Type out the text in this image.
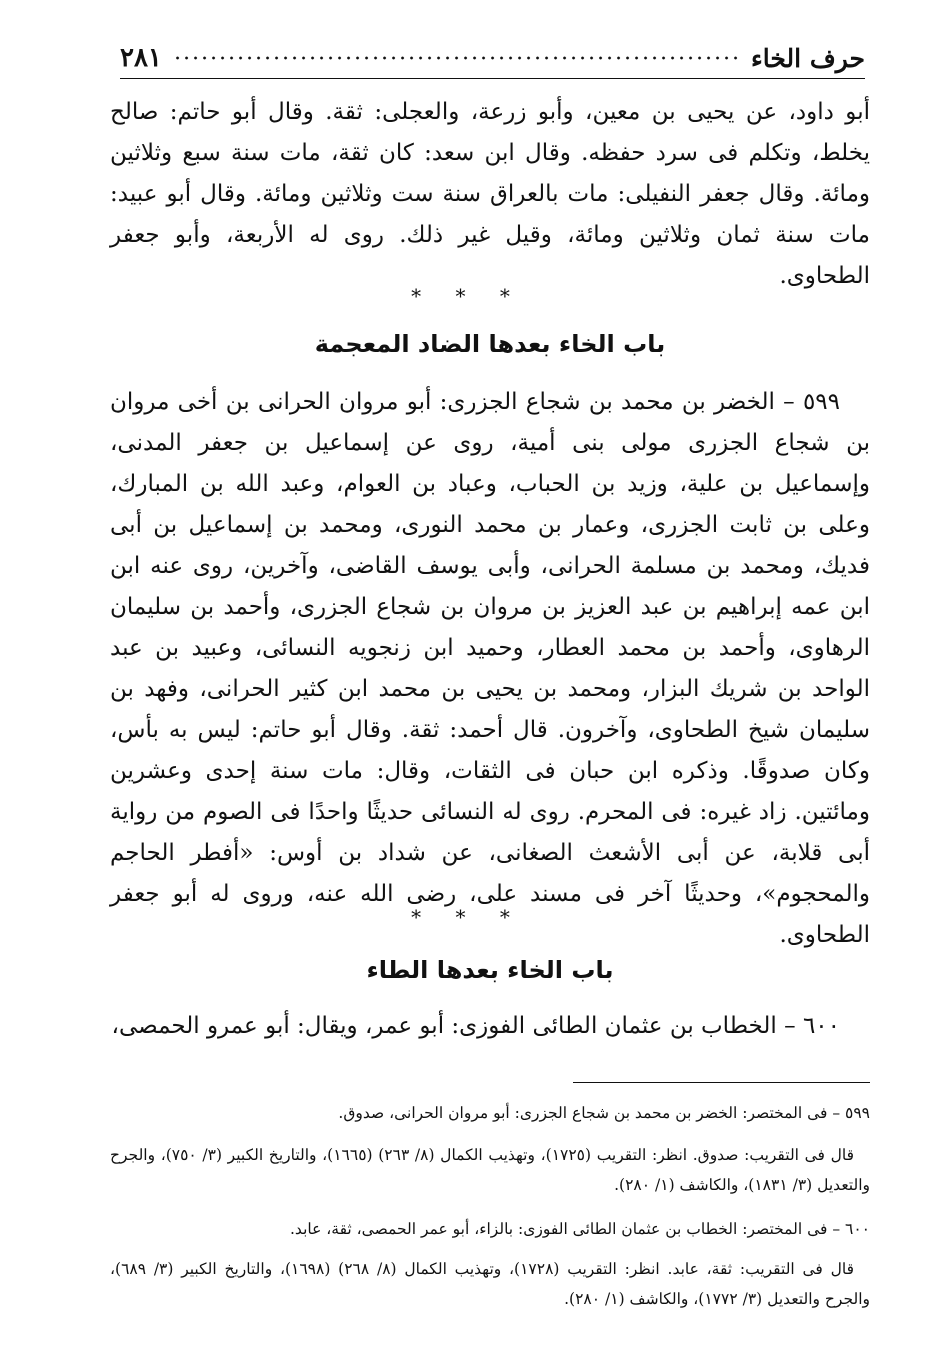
حرف الخاء
٢٨١

أبو داود، عن يحيى بن معين، وأبو زرعة، والعجلى: ثقة. وقال أبو حاتم: صالح يخلط، وتكلم فى سرد حفظه. وقال ابن سعد: كان ثقة، مات سنة سبع وثلاثين ومائة. وقال جعفر النفيلى: مات بالعراق سنة ست وثلاثين ومائة. وقال أبو عبيد: مات سنة ثمان وثلاثين ومائة، وقيل غير ذلك. روى له الأربعة، وأبو جعفر الطحاوى.

* * *
باب الخاء بعدها الضاد المعجمة

٥٩٩ – الخضر بن محمد بن شجاع الجزرى: أبو مروان الحرانى بن أخى مروان بن شجاع الجزرى مولى بنى أمية، روى عن إسماعيل بن جعفر المدنى، وإسماعيل بن علية، وزيد بن الحباب، وعباد بن العوام، وعبد الله بن المبارك، وعلى بن ثابت الجزرى، وعمار بن محمد النورى، ومحمد بن إسماعيل بن أبى فديك، ومحمد بن مسلمة الحرانى، وأبى يوسف القاضى، وآخرين، روى عنه ابن ابن عمه إبراهيم بن عبد العزيز بن مروان بن شجاع الجزرى، وأحمد بن سليمان الرهاوى، وأحمد بن محمد العطار، وحميد ابن زنجويه النسائى، وعبيد بن عبد الواحد بن شريك البزار، ومحمد بن يحيى بن محمد ابن كثير الحرانى، وفهد بن سليمان شيخ الطحاوى، وآخرون. قال أحمد: ثقة. وقال أبو حاتم: ليس به بأس، وكان صدوقًا. وذكره ابن حبان فى الثقات، وقال: مات سنة إحدى وعشرين ومائتين. زاد غيره: فى المحرم. روى له النسائى حديثًا واحدًا فى الصوم من رواية أبى قلابة، عن أبى الأشعث الصغانى، عن شداد بن أوس: «أفطر الحاجم والمحجوم»، وحديثًا آخر فى مسند على، رضى الله عنه، وروى له أبو جعفر الطحاوى.

* * *
باب الخاء بعدها الطاء

٦٠٠ – الخطاب بن عثمان الطائى الفوزى: أبو عمر، ويقال: أبو عمرو الحمصى،

٥٩٩ – فى المختصر: الخضر بن محمد بن شجاع الجزرى: أبو مروان الحرانى، صدوق.

قال فى التقريب: صدوق. انظر: التقريب (١٧٢٥)، وتهذيب الكمال (٨/ ٢٦٣) (١٦٦٥)، والتاريخ الكبير (٣/ ٧٥٠)، والجرح والتعديل (٣/ ١٨٣١)، والكاشف (١/ ٢٨٠).

٦٠٠ – فى المختصر: الخطاب بن عثمان الطائى الفوزى: بالزاء، أبو عمر الحمصى، ثقة، عابد.

قال فى التقريب: ثقة، عابد. انظر: التقريب (١٧٢٨)، وتهذيب الكمال (٨/ ٢٦٨) (١٦٩٨)، والتاريخ الكبير (٣/ ٦٨٩)، والجرح والتعديل (٣/ ١٧٧٢)، والكاشف (١/ ٢٨٠).
